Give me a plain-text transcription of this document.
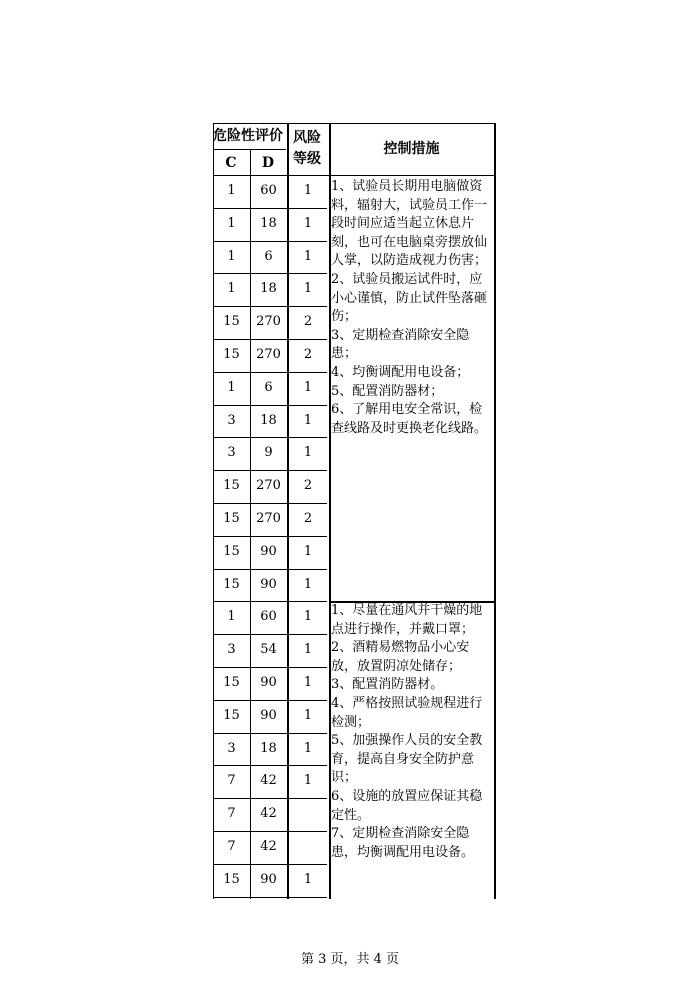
危险性评价
C	D
风险
等级
控制措施
1	60	1
1	18	1
1	6	1
1	18	1
15	270	2
15	270	2
1	6	1
3	18	1
3	9	1
15	270	2
15	270	2
15	90	1
15	90	1
1	60	1
3	54	1
15	90	1
15	90	1
3	18	1
7	42	1
7	42
7	42
15	90	1
1、试验员长期用电脑做资料，辐射大，试验员工作一段时间应适当起立休息片刻，也可在电脑桌旁摆放仙人掌，以防造成视力伤害；
2、试验员搬运试件时，应小心谨慎，防止试件坠落砸伤；
3、定期检查消除安全隐患；
4、均衡调配用电设备；
5、配置消防器材；
6、了解用电安全常识，检查线路及时更换老化线路。
1、尽量在通风并干燥的地点进行操作，并戴口罩；
2、酒精易燃物品小心安放，放置阴凉处储存；
3、配置消防器材。
4、严格按照试验规程进行检测；
5、加强操作人员的安全教育，提高自身安全防护意识；
6、设施的放置应保证其稳定性。
7、定期检查消除安全隐患，均衡调配用电设备。
第 3 页，共 4 页
